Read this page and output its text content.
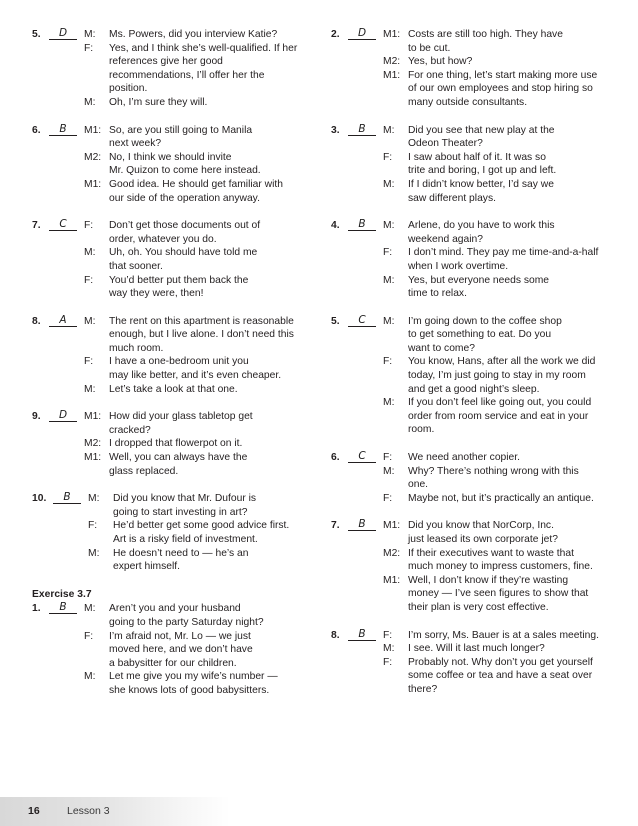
5.	D	M:	Ms. Powers, did you interview Katie?
F:	Yes, and I think she’s well-qualified. If her
references give her good
recommendations, I’ll offer her the
position.
M:	Oh, I’m sure they will.
6.	B	M1: So, are you still going to Manila
next week?
M2: No, I think we should invite
Mr. Quizon to come here instead.
M1: Good idea. He should get familiar with
our side of the operation anyway.
7.	C	F:	Don’t get those documents out of
order, whatever you do.
M:	Uh, oh. You should have told me
that sooner.
F:	You’d better put them back the
way they were, then!
8.	A	M:	The rent on this apartment is reasonable
enough, but I live alone. I don’t need this
much room.
F:	I have a one-bedroom unit you
may like better, and it’s even cheaper.
M:	Let’s take a look at that one.
9.	D	M1: How did your glass tabletop get
cracked?
M2: I dropped that flowerpot on it.
M1: Well, you can always have the
glass replaced.
10.	B	M:	Did you know that Mr. Dufour is
going to start investing in art?
F:	He’d better get some good advice first.
Art is a risky field of investment.
M:	He doesn’t need to — he’s an
expert himself.
Exercise 3.7
1.	B	M:	Aren’t you and your husband
going to the party Saturday night?
F:	I’m afraid not, Mr. Lo — we just
moved here, and we don’t have
a babysitter for our children.
M:	Let me give you my wife’s number —
she knows lots of good babysitters.
2.	D	M1: Costs are still too high. They have
to be cut.
M2: Yes, but how?
M1: For one thing, let’s start making more use
of our own employees and stop hiring so
many outside consultants.
3.	B	M:	Did you see that new play at the
Odeon Theater?
F:	I saw about half of it. It was so
trite and boring, I got up and left.
M:	If I didn’t know better, I’d say we
saw different plays.
4.	B	M:	Arlene, do you have to work this
weekend again?
F:	I don’t mind. They pay me time-and-a-half
when I work overtime.
M:	Yes, but everyone needs some
time to relax.
5.	C	M:	I’m going down to the coffee shop
to get something to eat. Do you
want to come?
F:	You know, Hans, after all the work we did
today, I’m just going to stay in my room
and get a good night’s sleep.
M:	If you don’t feel like going out, you could
order from room service and eat in your
room.
6.	C	F:	We need another copier.
M:	Why? There’s nothing wrong with this
one.
F:	Maybe not, but it’s practically an antique.
7.	B	M1: Did you know that NorCorp, Inc.
just leased its own corporate jet?
M2: If their executives want to waste that
much money to impress customers, fine.
M1: Well, I don’t know if they’re wasting
money — I’ve seen figures to show that
their plan is very cost effective.
8.	B	F:	I’m sorry, Ms. Bauer is at a sales meeting.
M:	I see. Will it last much longer?
F:	Probably not. Why don’t you get yourself
some coffee or tea and have a seat over
there?
16	Lesson 3
